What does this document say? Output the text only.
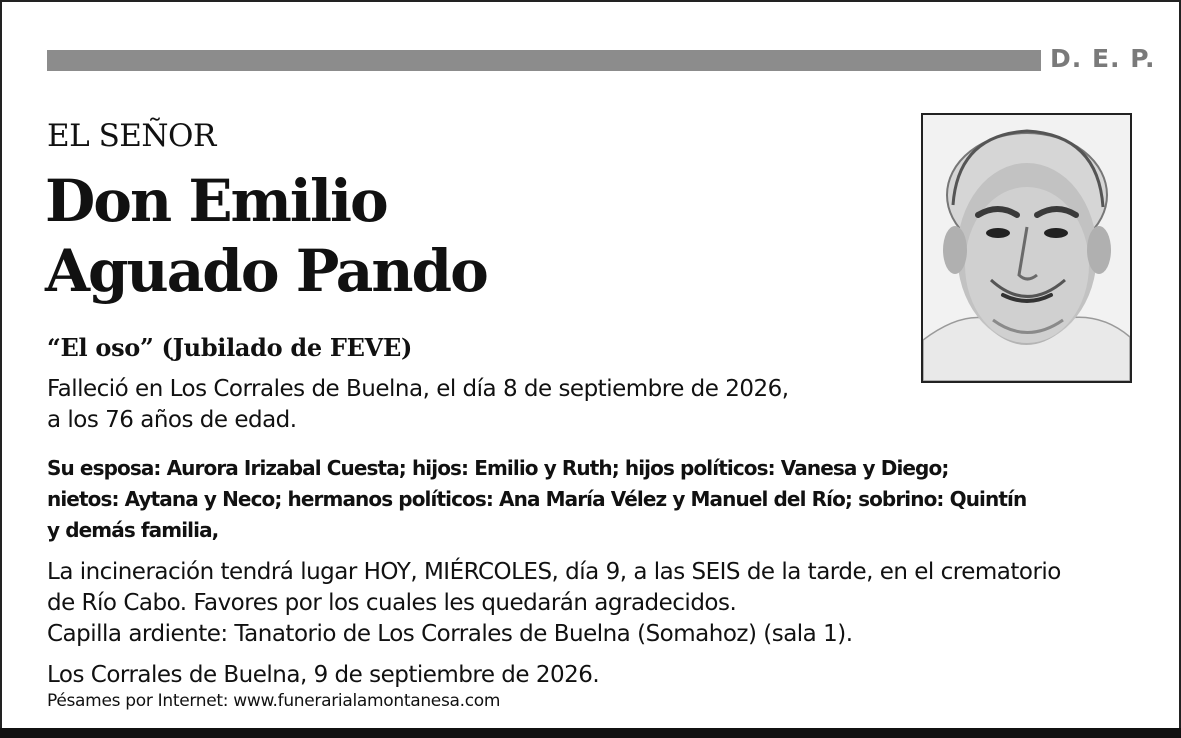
D. E. P.
EL SEÑOR
Don Emilio
Aguado Pando
“El oso” (Jubilado de FEVE)
Falleció en Los Corrales de Buelna, el día 8 de septiembre de 2026,
a los 76 años de edad.
Su esposa: Aurora Irizabal Cuesta; hijos: Emilio y Ruth; hijos políticos: Vanesa y Diego;
nietos: Aytana y Neco; hermanos políticos: Ana María Vélez y Manuel del Río; sobrino: Quintín
y demás familia,
La incineración tendrá lugar HOY, MIÉRCOLES, día 9, a las SEIS de la tarde, en el crematorio
de Río Cabo. Favores por los cuales les quedarán agradecidos.
Capilla ardiente: Tanatorio de Los Corrales de Buelna (Somahoz) (sala 1).
Los Corrales de Buelna, 9 de septiembre de 2026.
Pésames por Internet: www.funerarialamontanesa.com
